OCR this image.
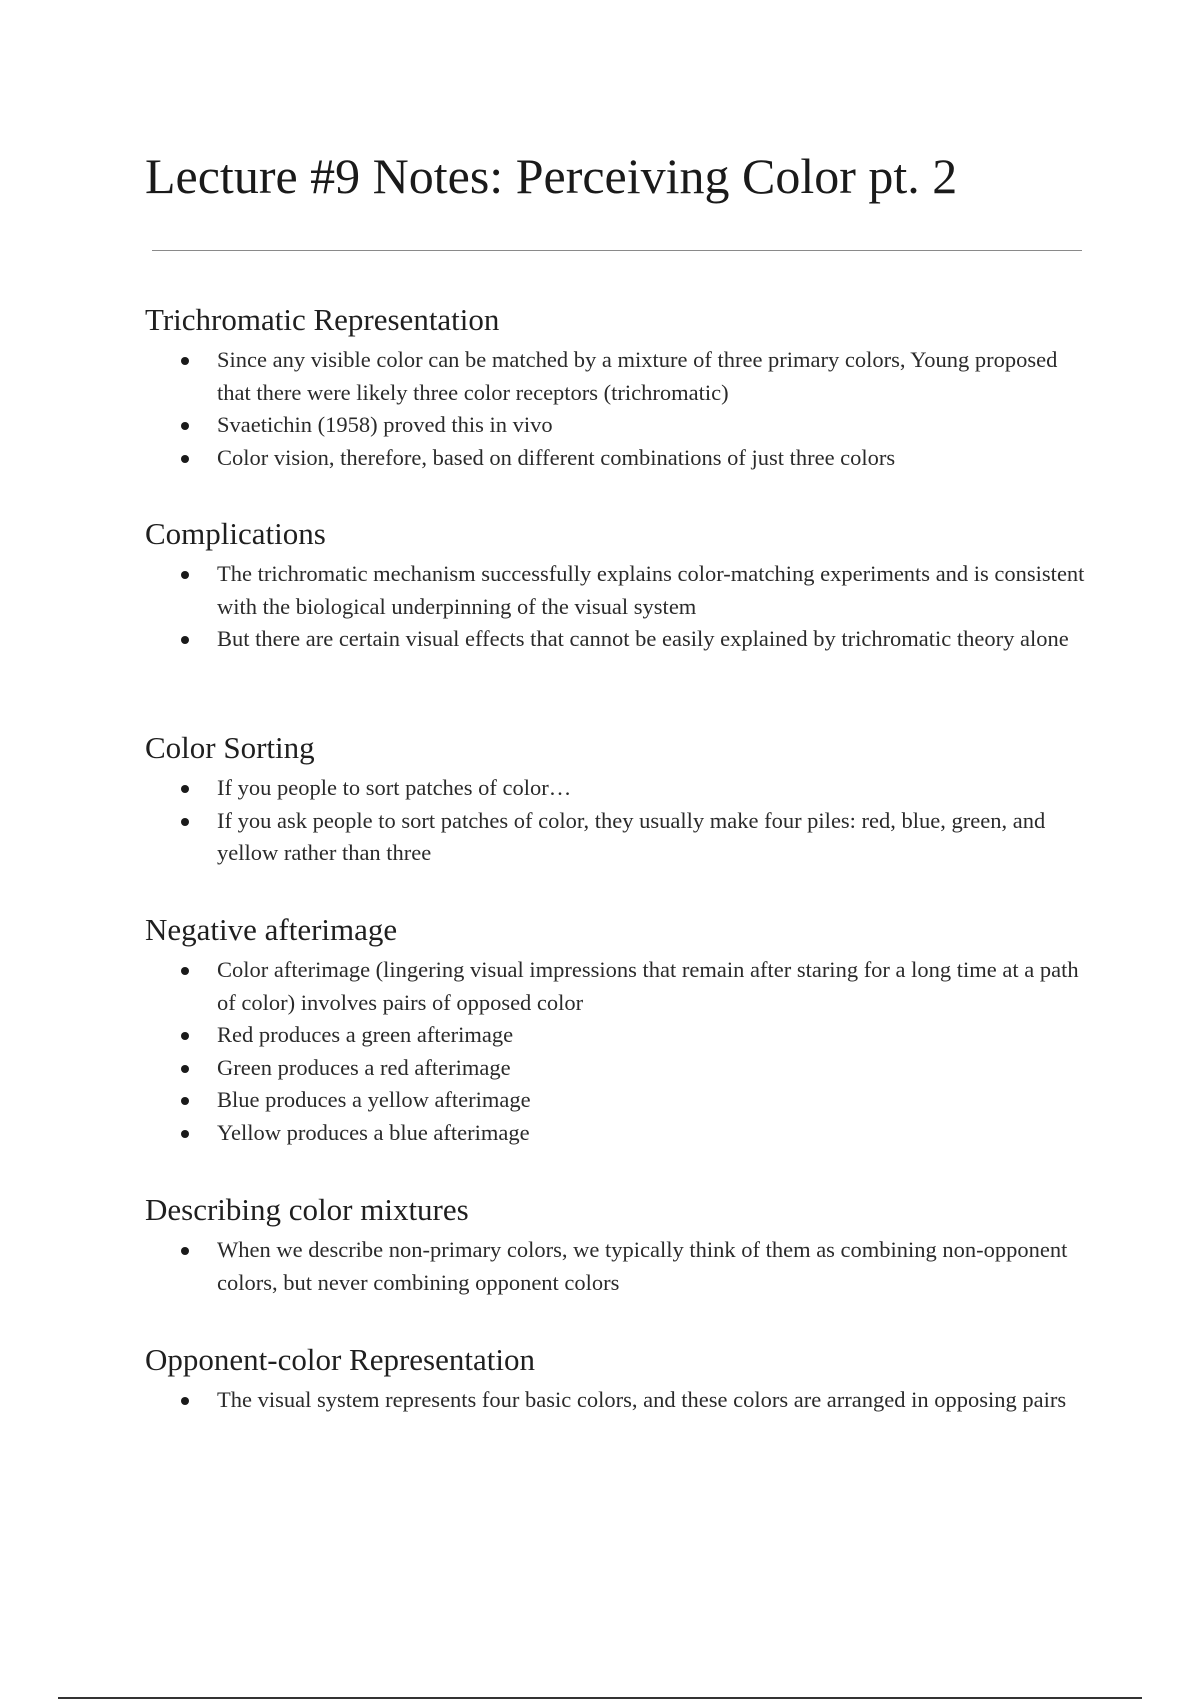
Lecture #9 Notes: Perceiving Color pt. 2
Trichromatic Representation
Since any visible color can be matched by a mixture of three primary colors, Young proposed that there were likely three color receptors (trichromatic)
Svaetichin (1958) proved this in vivo
Color vision, therefore, based on different combinations of just three colors
Complications
The trichromatic mechanism successfully explains color-matching experiments and is consistent with the biological underpinning of the visual system
But there are certain visual effects that cannot be easily explained by trichromatic theory alone
Color Sorting
If you people to sort patches of color…
If you ask people to sort patches of color, they usually make four piles: red, blue, green, and yellow rather than three
Negative afterimage
Color afterimage (lingering visual impressions that remain after staring for a long time at a path of color) involves pairs of opposed color
Red produces a green afterimage
Green produces a red afterimage
Blue produces a yellow afterimage
Yellow produces a blue afterimage
Describing color mixtures
When we describe non-primary colors, we typically think of them as combining non-opponent colors, but never combining opponent colors
Opponent-color Representation
The visual system represents four basic colors, and these colors are arranged in opposing pairs
